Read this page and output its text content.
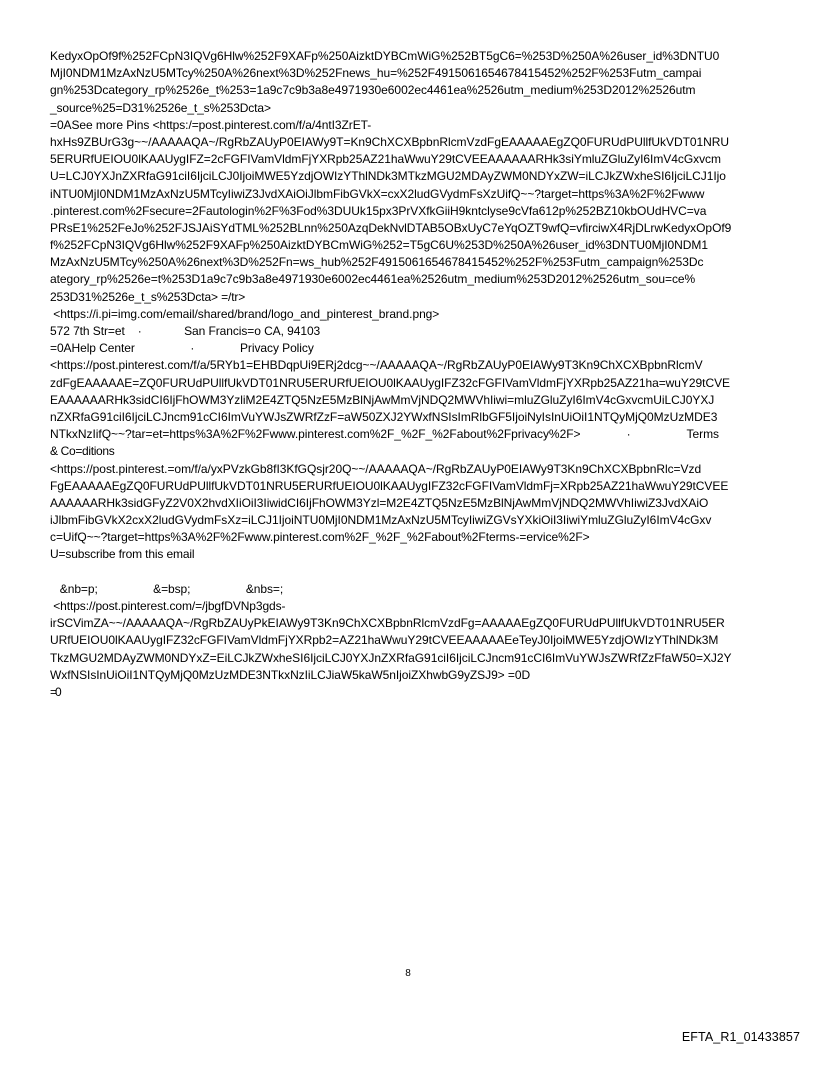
KedyxOpOf9f%252FCpN3IQVg6Hlw%252F9XAFp%250AizktDYBCmWiG%252BT5gC6=%253D%250A%26user_id%3DNTU0
MjI0NDM1MzAxNzU5MTcy%250A%26next%3D%252Fnews_hu=%252F4915061654678415452%252F%253Futm_campai
gn%253Dcategory_rp%2526e_t%253=1a9c7c9b3a8e4971930e6002ec4461ea%2526utm_medium%253D2012%2526utm
_source%25=D31%2526e_t_s%253Dcta>
=0ASee more Pins <https:/=post.pinterest.com/f/a/4ntI3ZrET-
hxHs9ZBUrG3g~~/AAAAAQA~/RgRbZAUyP0EIAWy9T=Kn9ChXCXBpbnRlcmVzdFgEAAAAAEgZQ0FURUdPUllfUkVDT01NRU
5ERURfUEIOU0lKAAUygIFZ=2cFGFIVamVldmFjYXRpb25AZ21haWwuY29tCVEEAAAAAARHk3siYmluZGluZyI6ImV4cGxvcm
U=LCJ0YXJnZXRfaG91ciI6IjciLCJ0IjoiMWE5YzdjOWIzYThlNDk3MTkzMGU2MDAyZWM0NDYxZW=iLCJkZWxheSI6IjciLCJ1Ijo
iNTU0MjI0NDM1MzAxNzU5MTcyIiwiZ3JvdXAiOiJlbmFibGVkX=cxX2ludGVydmFsXzUifQ~~?target=https%3A%2F%2Fwww
.pinterest.com%2Fsecure=2Fautologin%2F%3Fod%3DUUk15px3PrVXfkGiiH9kntclyse9cVfa612p%252BZ10kbOUdHVC=va
PRsE1%252FeJo%252FJSJAiSYdTML%252BLnn%250AzqDekNvlDTAB5OBxUyC7eYqOZT9wfQ=vfirciwX4RjDLrwKedyxOpOf9
f%252FCpN3IQVg6Hlw%252F9XAFp%250AizktDYBCmWiG%252=T5gC6U%253D%250A%26user_id%3DNTU0MjI0NDM1
MzAxNzU5MTcy%250A%26next%3D%252Fn=ws_hub%252F4915061654678415452%252F%253Futm_campaign%253Dc
ategory_rp%2526e=t%253D1a9c7c9b3a8e4971930e6002ec4461ea%2526utm_medium%253D2012%2526utm_sou=ce%
253D31%2526e_t_s%253Dcta> =/tr>
<https://i.pi=img.com/email/shared/brand/logo_and_pinterest_brand.png>
572 7th Str=et    ·             San Francis=o CA, 94103
=0AHelp Center                 ·              Privacy Policy
<https://post.pinterest.com/f/a/5RYb1=EHBDqpUi9ERj2dcg~~/AAAAAQA~/RgRbZAUyP0EIAWy9T3Kn9ChXCXBpbnRlcmV
zdFgEAAAAAE=ZQ0FURUdPUllfUkVDT01NRU5ERURfUEIOU0lKAAUygIFZ32cFGFIVamVldmFjYXRpb25AZ21ha=wuY29tCVE
EAAAAAARHk3sidCI6IjFhOWM3YzliM2E4ZTQ5NzE5MzBlNjAwMmVjNDQ2MWVhIiwi=mluZGluZyI6ImV4cGxvcmUiLCJ0YXJ
nZXRfaG91ciI6IjciLCJncm91cCI6ImVuYWJsZWRfZzF=aW50ZXJ2YWxfNSIsImRlbGF5IjoiNyIsInUiOiI1NTQyMjQ0MzUzMDE3
NTkxNzIifQ~~?tar=et=https%3A%2F%2Fwww.pinterest.com%2F_%2F_%2Fabout%2Fprivacy%2F>              ·                 Terms
& Co=ditions
<https://post.pinterest.=om/f/a/yxPVzkGb8fI3KfGQsjr20Q~~/AAAAAQA~/RgRbZAUyP0EIAWy9T3Kn9ChXCXBpbnRlc=Vzd
FgEAAAAAEgZQ0FURUdPUllfUkVDT01NRU5ERURfUEIOU0lKAAUygIFZ32cFGFIVamVldmFj=XRpb25AZ21haWwuY29tCVEE
AAAAAARHk3sidGFyZ2V0X2hvdXIiOiI3IiwidCI6IjFhOWM3Yzl=M2E4ZTQ5NzE5MzBlNjAwMmVjNDQ2MWVhIiwiZ3JvdXAiO
iJlbmFibGVkX2cxX2ludGVydmFsXz=iLCJ1IjoiNTU0MjI0NDM1MzAxNzU5MTcyIiwiZGVsYXkiOiI3IiwiYmluZGluZyI6ImV4cGxv
c=UifQ~~?target=https%3A%2F%2Fwww.pinterest.com%2F_%2F_%2Fabout%2Fterms-=ervice%2F>
U=subscribe from this email
&nb=p;                 &=bsp;                 &nbs=;
<https://post.pinterest.com/=/jbgfDVNp3gds-
irSCVimZA~~/AAAAAQA~/RgRbZAUyPkEIAWy9T3Kn9ChXCXBpbnRlcmVzdFg=AAAAAEgZQ0FURUdPUllfUkVDT01NRU5ER
URfUEIOU0lKAAUygIFZ32cFGFIVamVldmFjYXRpb2=AZ21haWwuY29tCVEEAAAAAEeTeyJ0IjoiMWE5YzdjOWIzYThlNDk3M
TkzMGU2MDAyZWM0NDYxZ=EiLCJkZWxheSI6IjciLCJ0YXJnZXRfaG91ciI6IjciLCJncm91cCI6ImVuYWJsZWRfZzFfaW50=XJ2Y
WxfNSIsInUiOiI1NTQyMjQ0MzUzMDE3NTkxNzIiLCJiaW5kaW5nIjoiZXhwbG9yZSJ9> =0D
=0
8
EFTA_R1_01433857
